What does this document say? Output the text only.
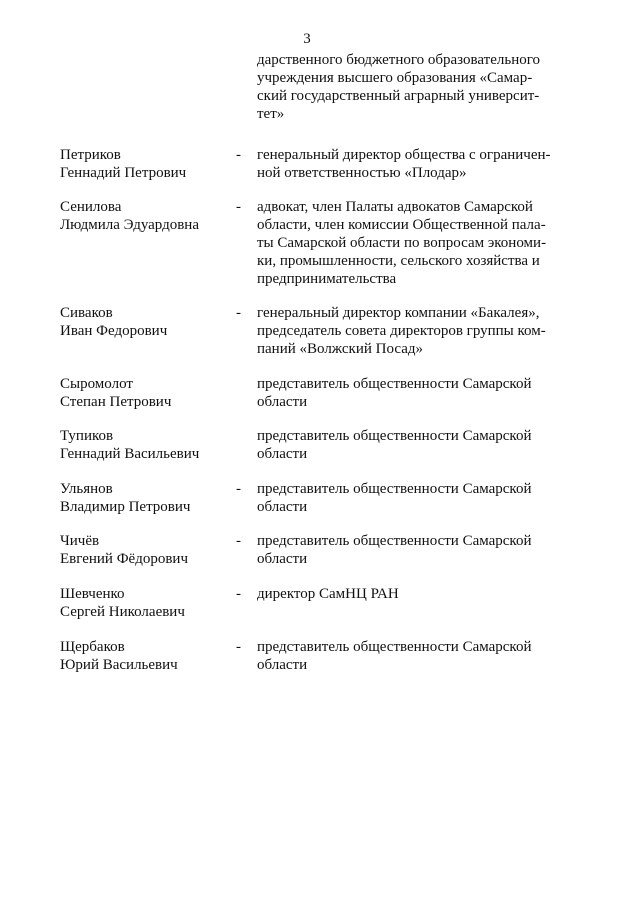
3
дарственного бюджетного образовательного
учреждения высшего образования «Самар-
ский государственный аграрный университ-
тет»
Петриков
Геннадий Петрович
-	генеральный директор общества с ограничен-
ной ответственностью «Плодар»
Сенилова
Людмила Эдуардовна
-	адвокат, член Палаты адвокатов Самарской
области, член комиссии Общественной пала-
ты Самарской области по вопросам экономи-
ки, промышленности, сельского хозяйства и
предпринимательства
Сиваков
Иван Федорович
-	генеральный директор компании «Бакалея»,
председатель совета директоров группы ком-
паний «Волжский Посад»
Сыромолот
Степан Петрович
представитель общественности Самарской
области
Тупиков
Геннадий Васильевич
представитель общественности Самарской
области
Ульянов
Владимир Петрович
-	представитель общественности Самарской
области
Чичёв
Евгений Фёдорович
-	представитель общественности Самарской
области
Шевченко
Сергей Николаевич
-	директор СамНЦ РАН
Щербаков
Юрий Васильевич
-	представитель общественности Самарской
области
